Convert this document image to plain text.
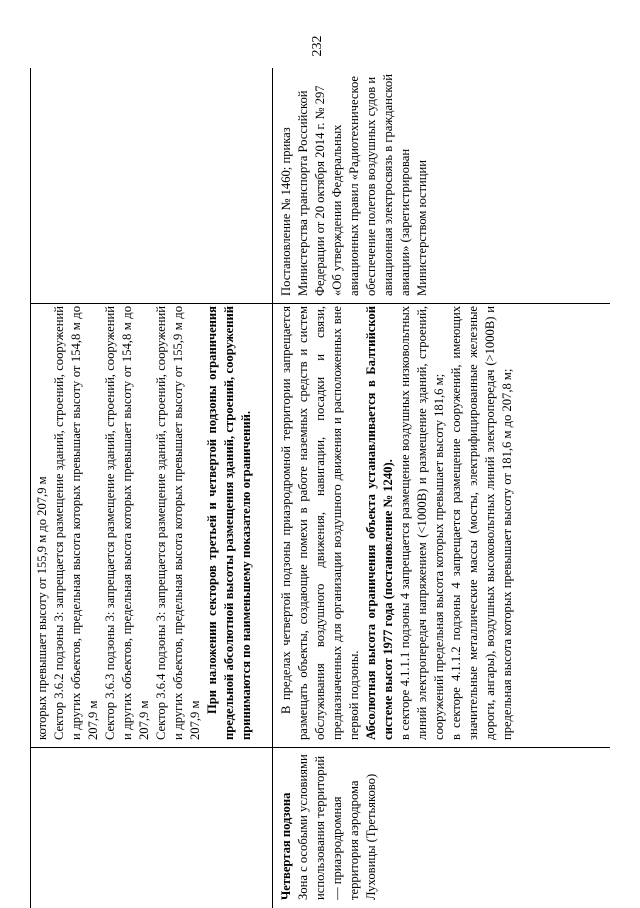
232

которых превышает высоту от 155,9 м до 207,9 м Сектор 3.6.2 подзоны 3: запрещается размещение зданий, строений, сооружений и других объектов, предельная высота которых превышает высоту от 154,8 м до 207,9 м Сектор 3.6.3 подзоны 3: запрещается размещение зданий, строений, сооружений и других объектов, предельная высота которых превышает высоту от 154,8 м до 207,9 м Сектор 3.6.4 подзоны 3: запрещается размещение зданий, строений, сооружений и других объектов, предельная высота которых превышает высоту от 155,9 м до 207,9 м

При наложении секторов третьей и четвертой подзоны ограничения предельной абсолютной высоты размещения зданий, строений, сооружений принимаются по наименьшему показателю ограничений.

Четвертая подзона Зона с особыми условиями использования территорий — приаэродромная территория аэродрома Луховицы (Третьяково)

В пределах четвертой подзоны приаэродромной территории запрещается размещать объекты, создающие помехи в работе наземных средств и систем обслуживания воздушного движения, навигации, посадки и связи, предназначенных для организации воздушного движения и расположенных вне первой подзоны. Абсолютная высота ограничения объекта устанавливается в Балтийской системе высот 1977 года (постановление № 1240). в секторе 4.1.1.1 подзоны 4 запрещается размещение воздушных низковольтных линий электропередач напряжением (<1000В) и размещение зданий, строений, сооружений предельная высота которых превышает высоту 181,6 м; в секторе 4.1.1.2 подзоны 4 запрещается размещение сооружений, имеющих значительные металлические массы (мосты, электрифицированные железные дороги, ангары), воздушных высоковольтных линий электропередач (>1000В) и предельная высота которых превышает высоту от 181,6 м до 207,8 м;

Постановление № 1460; приказ Министерства транспорта Российской Федерации от 20 октября 2014 г. № 297 «Об утверждении Федеральных авиационных правил «Радиотехническое обеспечение полетов воздушных судов и авиационная электросвязь в гражданской авиации» (зарегистрирован Министерством юстиции
